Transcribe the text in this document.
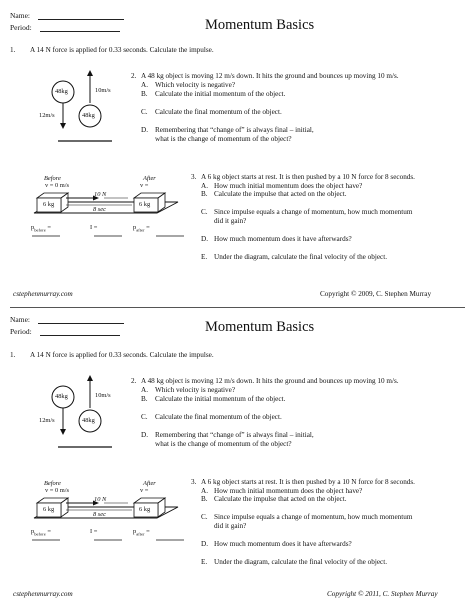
Name:
Period:	Momentum Basics
1. A 14 N force is applied for 0.33 seconds. Calculate the impulse.
48kg
48kg
12m/s
10m/s
2. A 48 kg object is moving 12 m/s down. It hits the ground and bounces up moving 10 m/s.
A. Which velocity is negative?
B. Calculate the initial momentum of the object.
C. Calculate the final momentum of the object.
D. Remembering that “change of” is always final – initial,
what is the change of momentum of the object?
Before
v = 0 m/s
After
v =
6 kg	6 kg
10 N
8 sec
$p_{before}$ =	I =	$p_{after}$ =
3. A 6 kg object starts at rest. It is then pushed by a 10 N force for 8 seconds.
A. How much initial momentum does the object have?
B. Calculate the impulse that acted on the object.
C. Since impulse equals a change of momentum, how much momentum
did it gain?
D. How much momentum does it have afterwards?
E. Under the diagram, calculate the final velocity of the object.
cstephenmurray.com	Copyright © 2009, C. Stephen Murray
Name:
Period:	Momentum Basics
1. A 14 N force is applied for 0.33 seconds. Calculate the impulse.
48kg
48kg
12m/s
10m/s
2. A 48 kg object is moving 12 m/s down. It hits the ground and bounces up moving 10 m/s.
A. Which velocity is negative?
B. Calculate the initial momentum of the object.
C. Calculate the final momentum of the object.
D. Remembering that “change of” is always final – initial,
what is the change of momentum of the object?
Before
v = 0 m/s
After
v =
6 kg	6 kg
10 N
8 sec
$p_{before}$ =	I =	$p_{after}$ =
3. A 6 kg object starts at rest. It is then pushed by a 10 N force for 8 seconds.
A. How much initial momentum does the object have?
B. Calculate the impulse that acted on the object.
C. Since impulse equals a change of momentum, how much momentum
did it gain?
D. How much momentum does it have afterwards?
E. Under the diagram, calculate the final velocity of the object.
cstephenmurray.com	Copyright © 2011, C. Stephen Murray
